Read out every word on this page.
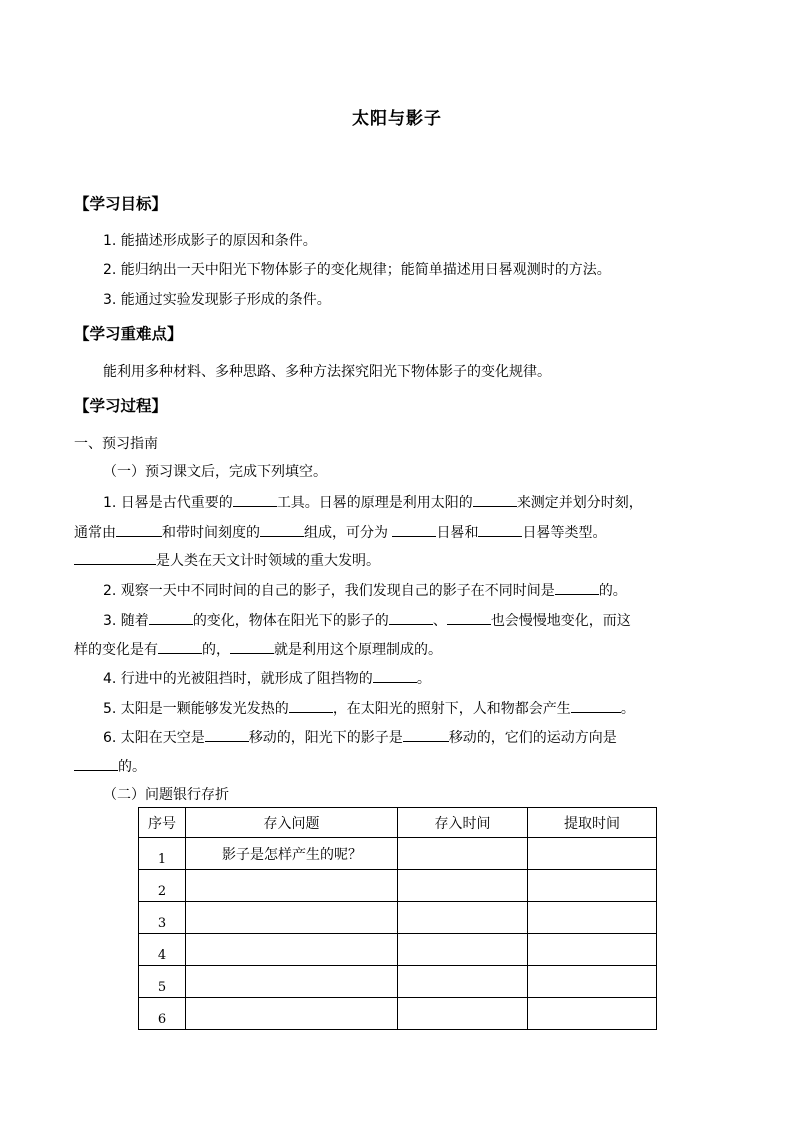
太阳与影子
【学习目标】
1. 能描述形成影子的原因和条件。
2. 能归纳出一天中阳光下物体影子的变化规律；能简单描述用日晷观测时的方法。
3. 能通过实验发现影子形成的条件。
【学习重难点】
能利用多种材料、多种思路、多种方法探究阳光下物体影子的变化规律。
【学习过程】
一、预习指南
（一）预习课文后，完成下列填空。
1. 日晷是古代重要的	工具。日晷的原理是利用太阳的	来测定并划分时刻，
通常由	和带时间刻度的	组成，可分为	日晷和	日晷等类型。
是人类在天文计时领域的重大发明。
2. 观察一天中不同时间的自己的影子，我们发现自己的影子在不同时间是	的。
3. 随着	的变化，物体在阳光下的影子的	、	也会慢慢地变化，而这
样的变化是有	的，	就是利用这个原理制成的。
4. 行进中的光被阻挡时，就形成了阻挡物的	。
5. 太阳是一颗能够发光发热的	，在太阳光的照射下，人和物都会产生	。
6. 太阳在天空是	移动的，阳光下的影子是	移动的，它们的运动方向是
的。
（二）问题银行存折
序号	存入问题	存入时间	提取时间
1	影子是怎样产生的呢？		
2			
3			
4			
5			
6			
